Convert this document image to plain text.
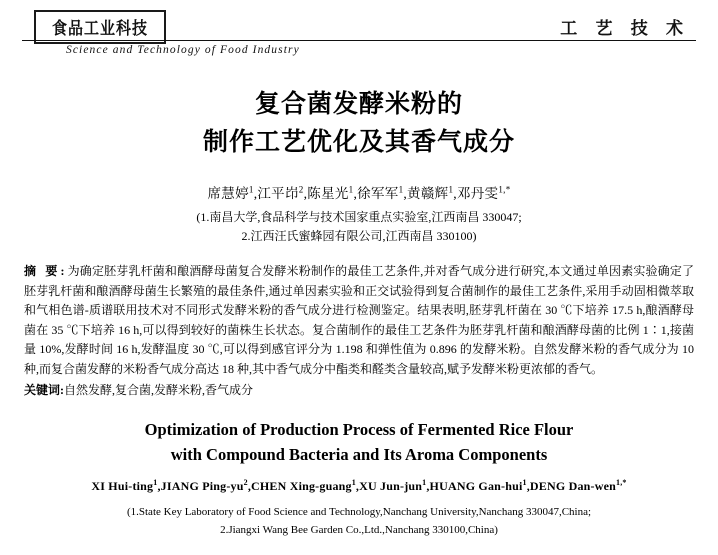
食品工业科技
Science and Technology of Food Industry
工 艺 技 术
复合菌发酵米粉的
制作工艺优化及其香气成分
席慧婷$^1$,江平岇$^2$,陈星光$^1$,徐军军$^1$,黄赣辉$^1$,邓丹雯$^{1,*}$
(1.南昌大学,食品科学与技术国家重点实验室,江西南昌 330047;
2.江西汪氏蜜蜂园有限公司,江西南昌 330100)
摘 要:为确定胚芽乳杆菌和酿酒酵母菌复合发酵米粉制作的最佳工艺条件,并对香气成分进行研究,本文通过单因素实验确定了胚芽乳杆菌和酿酒酵母菌生长繁殖的最佳条件,通过单因素实验和正交试验得到复合菌制作的最佳工艺条件,采用手动固相微萃取和气相色谱-质谱联用技术对不同形式发酵米粉的香气成分进行检测鉴定。结果表明,胚芽乳杆菌在 30 ℃下培养 17.5 h,酿酒酵母菌在 35 ℃下培养 16 h,可以得到较好的菌株生长状态。复合菌制作的最佳工艺条件为胚芽乳杆菌和酿酒酵母菌的比例 1∶1,接菌量 10%,发酵时间 16 h,发酵温度 30 ℃,可以得到感官评分为 1.198 和弹性值为 0.896 的发酵米粉。自然发酵米粉的香气成分为 10 种,而复合菌发酵的米粉香气成分高达 18 种,其中香气成分中酯类和醛类含量较高,赋予发酵米粉更浓郁的香气。
关键词:自然发酵,复合菌,发酵米粉,香气成分
Optimization of Production Process of Fermented Rice Flour
with Compound Bacteria and Its Aroma Components
XI Hui-ting$^1$,JIANG Ping-$yu^2,CHEN$ Xing-guang$^1$,XU Jun-jun$^1$,HUANG Gan-hui$^1$,DENG Dan-wen$^{1,*}$
(1.State Key Laboratory of Food Science and Technology,Nanchang University,Nanchang 330047,China;
2.Jiangxi Wang Bee Garden Co.,Ltd.,Nanchang 330100,China)
